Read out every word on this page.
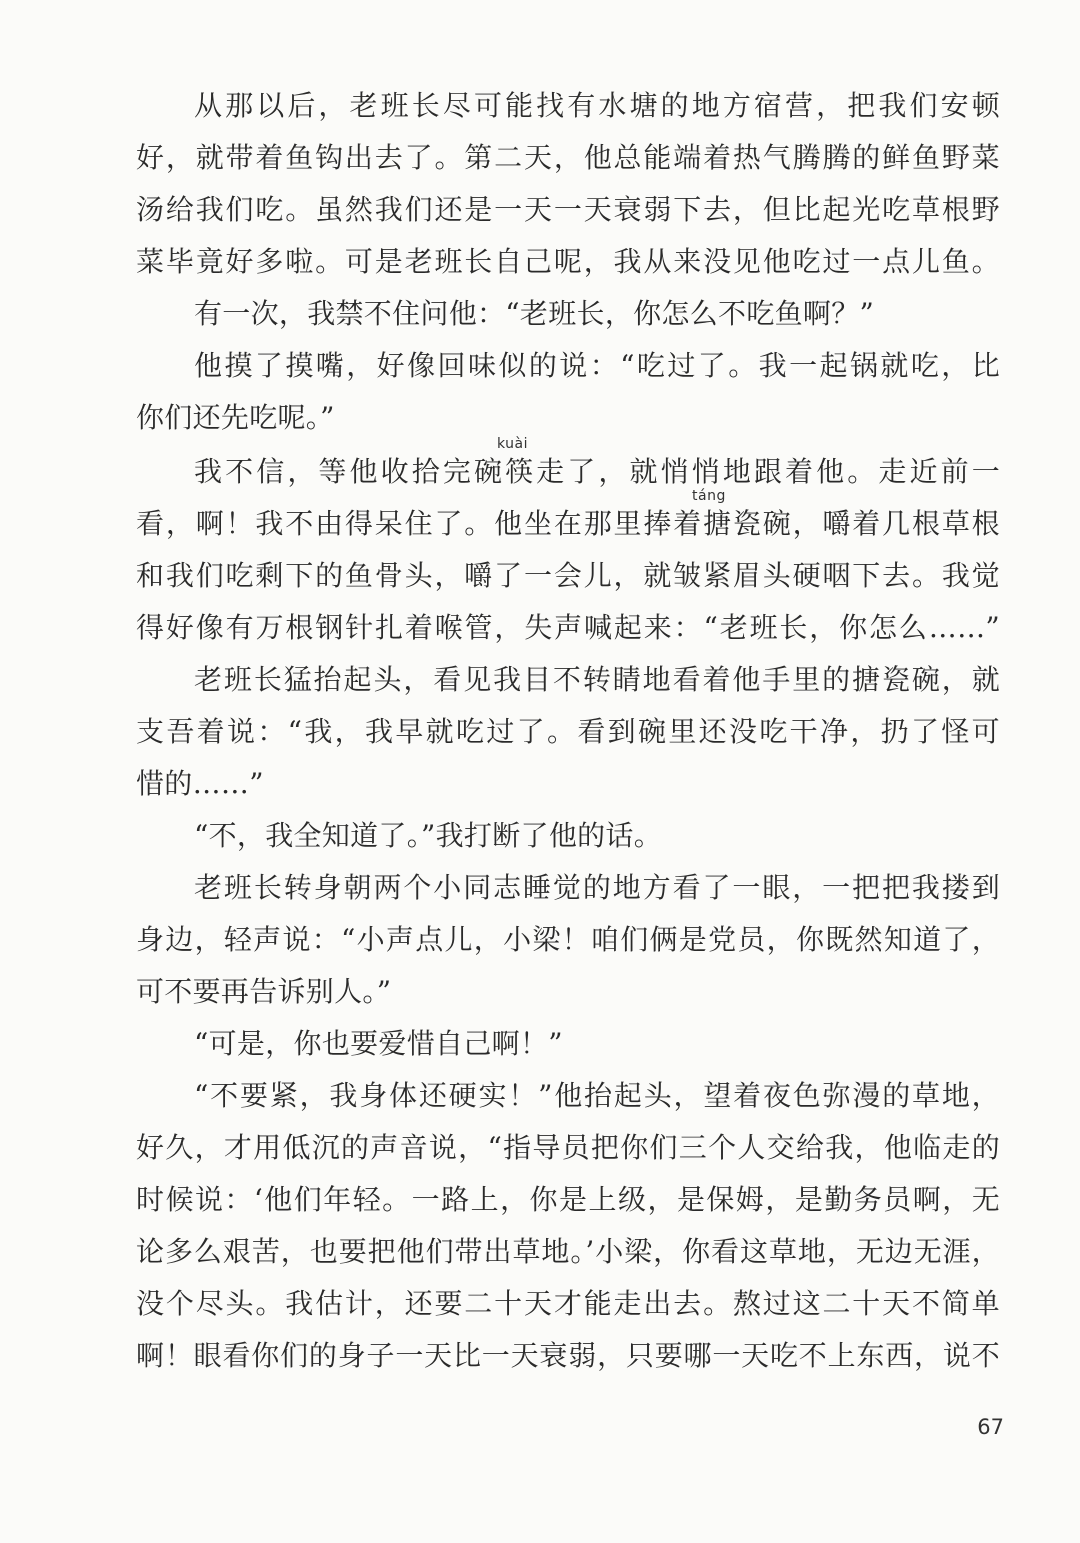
从那以后，老班长尽可能找有水塘的地方宿营，把我们安顿
好，就带着鱼钩出去了。第二天，他总能端着热气腾腾的鲜鱼野菜
汤给我们吃。虽然我们还是一天一天衰弱下去，但比起光吃草根野
菜毕竟好多啦。可是老班长自己呢，我从来没见他吃过一点儿鱼。
有一次，我禁不住问他：“老班长，你怎么不吃鱼啊？”
他摸了摸嘴，好像回味似的说：“吃过了。我一起锅就吃，比
你们还先吃呢。”
kuài
我不信，等他收拾完碗筷走了，就悄悄地跟着他。走近前一
táng
看，啊！我不由得呆住了。他坐在那里捧着搪瓷碗，嚼着几根草根
和我们吃剩下的鱼骨头，嚼了一会儿，就皱紧眉头硬咽下去。我觉
得好像有万根钢针扎着喉管，失声喊起来：“老班长，你怎么……”
老班长猛抬起头，看见我目不转睛地看着他手里的搪瓷碗，就
支吾着说：“我，我早就吃过了。看到碗里还没吃干净，扔了怪可
惜的……”
“不，我全知道了。”我打断了他的话。
老班长转身朝两个小同志睡觉的地方看了一眼，一把把我搂到
身边，轻声说：“小声点儿，小梁！咱们俩是党员，你既然知道了，
可不要再告诉别人。”
“可是，你也要爱惜自己啊！”
“不要紧，我身体还硬实！”他抬起头，望着夜色弥漫的草地，
好久，才用低沉的声音说，“指导员把你们三个人交给我，他临走的
时候说：‘他们年轻。一路上，你是上级，是保姆，是勤务员啊，无
论多么艰苦，也要把他们带出草地。’小梁，你看这草地，无边无涯，
没个尽头。我估计，还要二十天才能走出去。熬过这二十天不简单
啊！眼看你们的身子一天比一天衰弱，只要哪一天吃不上东西，说不
67
